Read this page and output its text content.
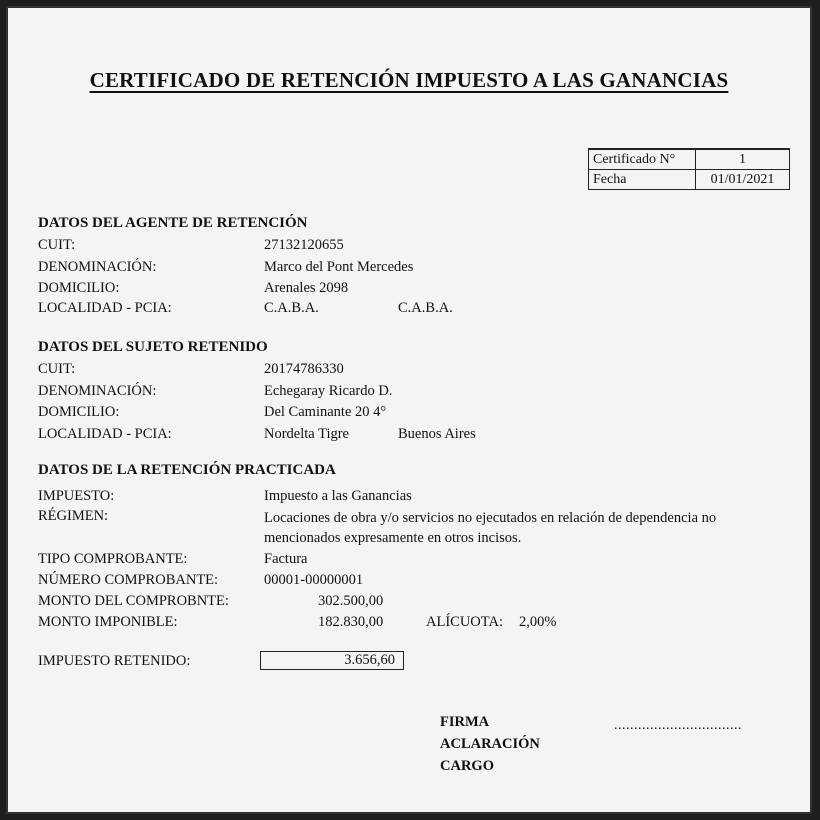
CERTIFICADO DE RETENCIÓN IMPUESTO A LAS GANANCIAS
Certificado N°	1
Fecha	01/01/2021
DATOS DEL AGENTE DE RETENCIÓN
CUIT:	27132120655
DENOMINACIÓN:	Marco del Pont Mercedes
DOMICILIO:	Arenales 2098
LOCALIDAD - PCIA:	C.A.B.A.	C.A.B.A.
DATOS DEL SUJETO RETENIDO
CUIT:	20174786330
DENOMINACIÓN:	Echegaray Ricardo D.
DOMICILIO:	Del Caminante 20 4°
LOCALIDAD - PCIA:	Nordelta Tigre	Buenos Aires
DATOS DE LA RETENCIÓN PRACTICADA
IMPUESTO:	Impuesto a las Ganancias
RÉGIMEN:	Locaciones de obra y/o servicios no ejecutados en relación de dependencia no
mencionados expresamente en otros incisos.
TIPO COMPROBANTE:	Factura
NÚMERO COMPROBANTE:	00001-00000001
MONTO DEL COMPROBNTE:	302.500,00
MONTO IMPONIBLE:	182.830,00	ALÍCUOTA: 2,00%
IMPUESTO RETENIDO:	3.656,60
FIRMA
ACLARACIÓN
CARGO
................................
